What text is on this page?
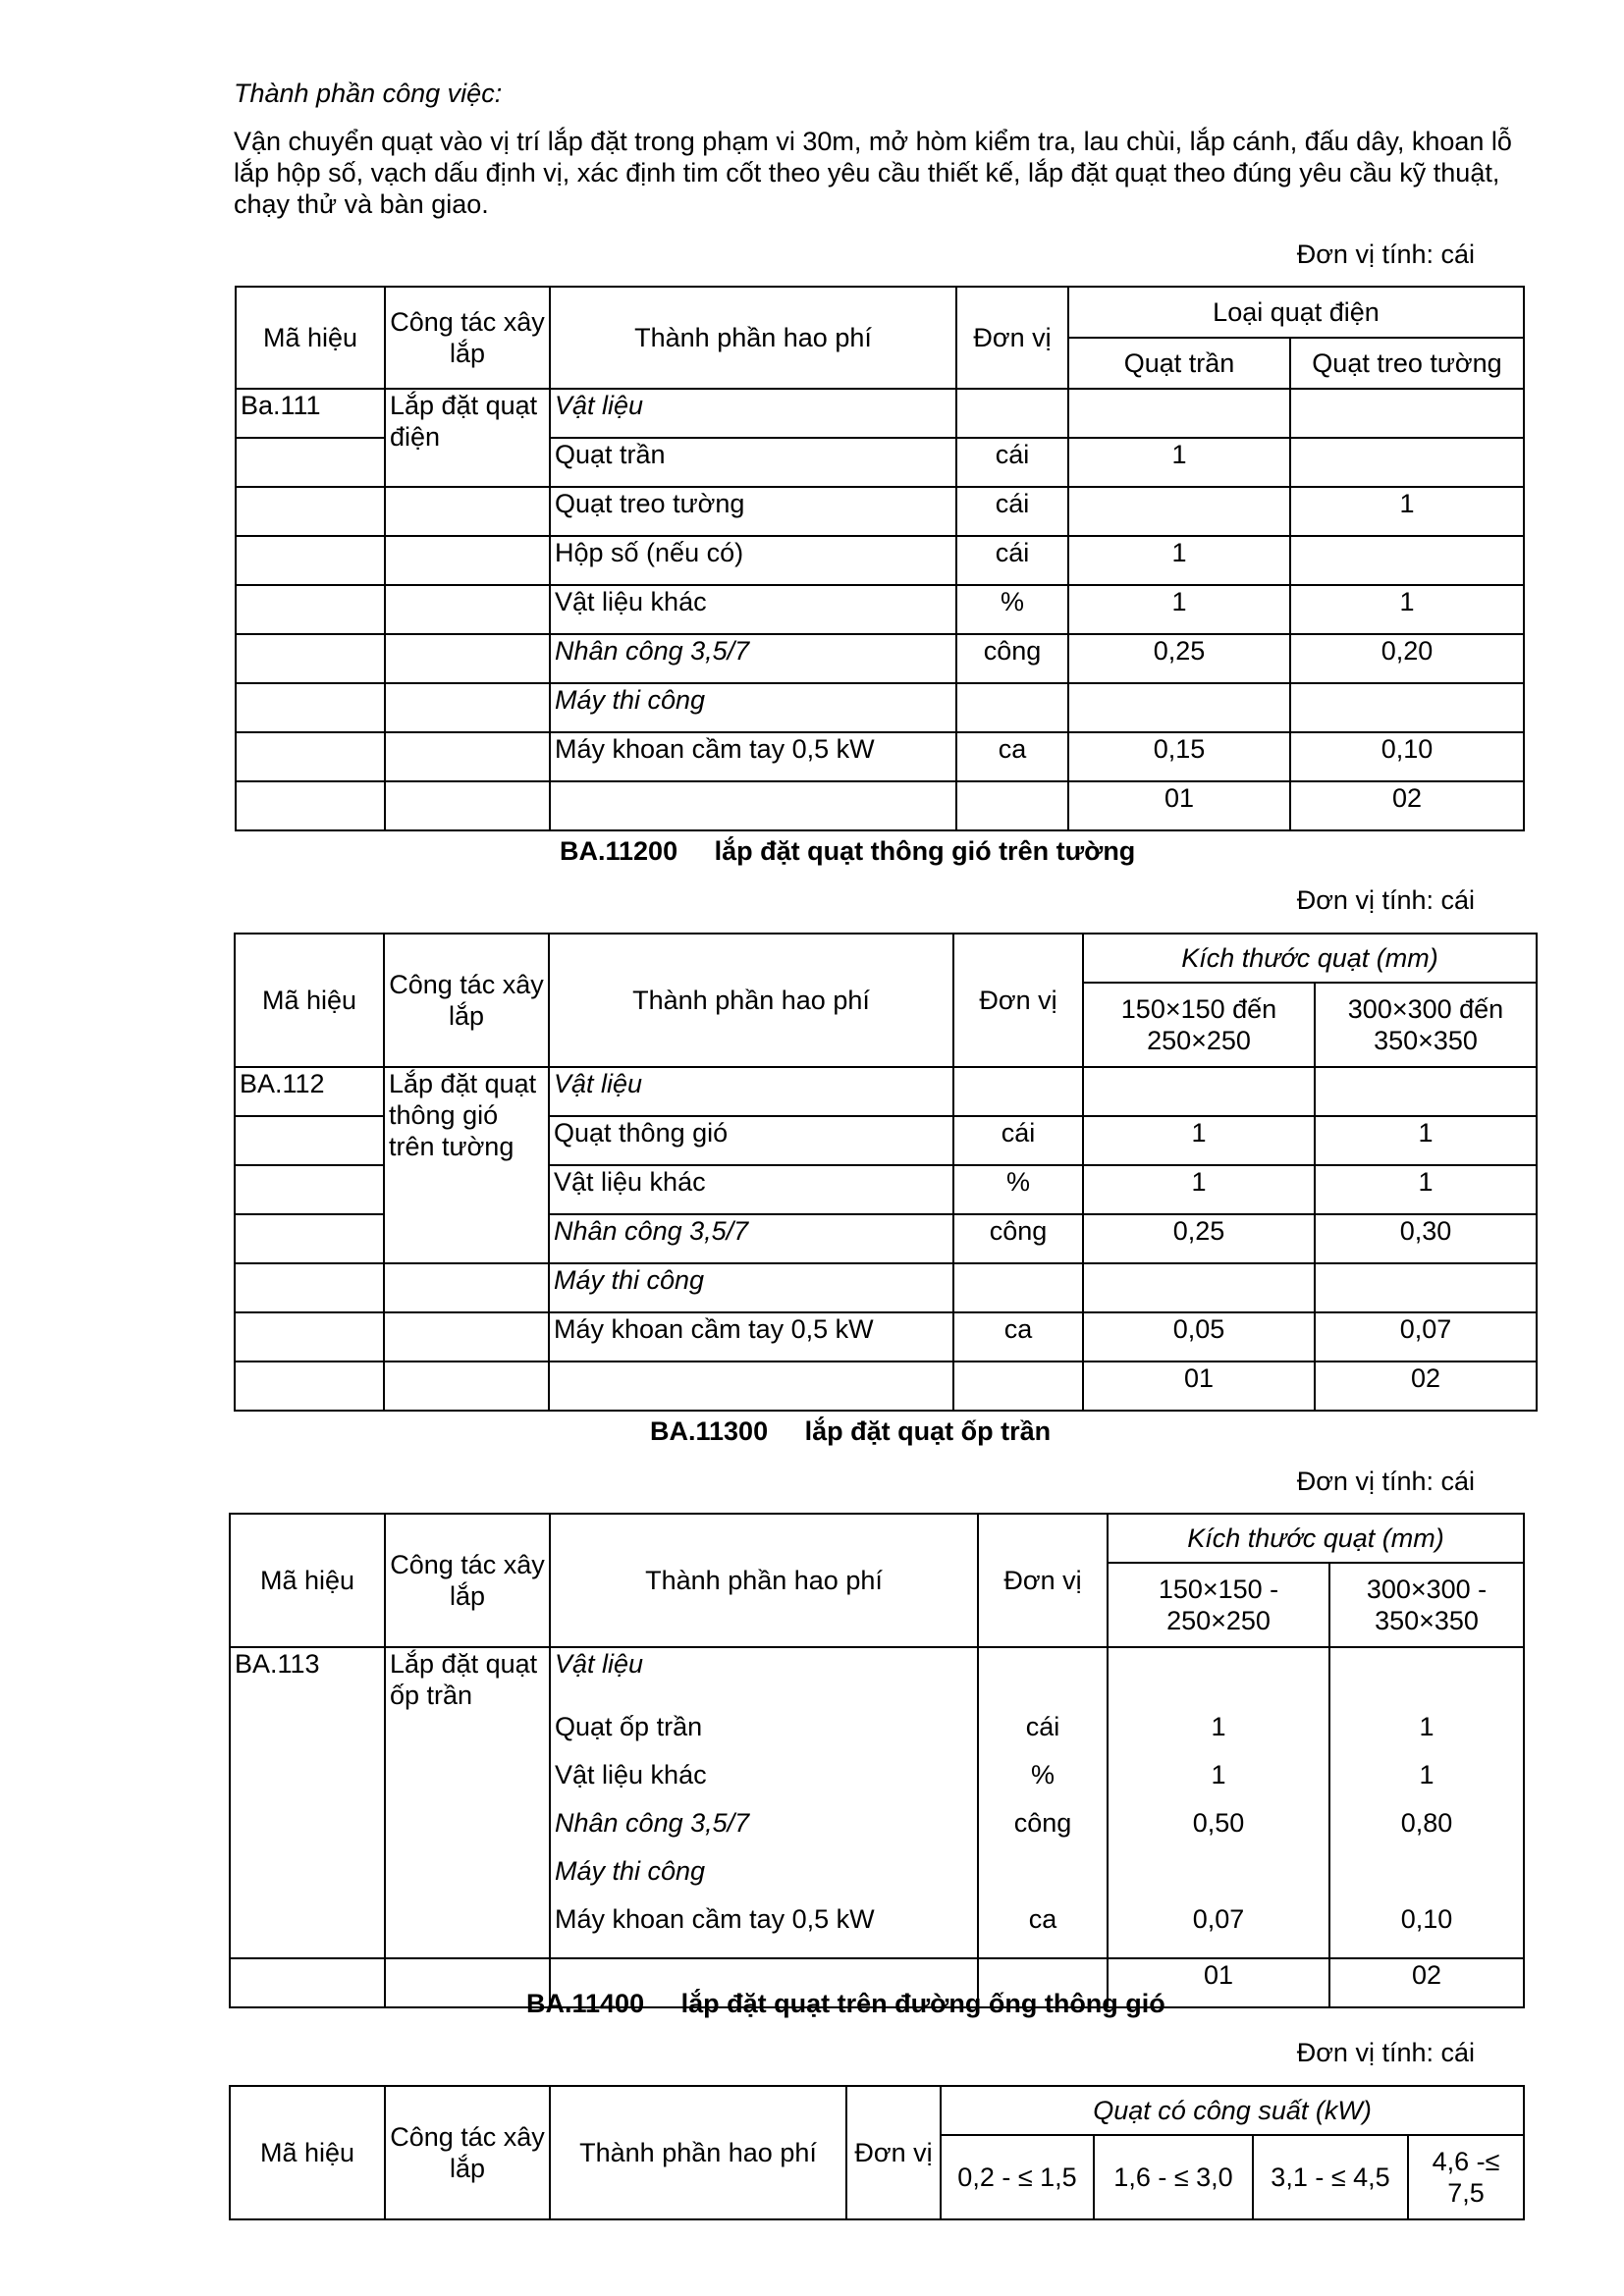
Thành phần công việc:
Vận chuyển quạt vào vị trí lắp đặt trong phạm vi 30m, mở hòm kiểm tra, lau chùi, lắp cánh, đấu dây, khoan lỗ lắp hộp số, vạch dấu định vị, xác định tim cốt theo yêu cầu thiết kế, lắp đặt quạt theo đúng yêu cầu kỹ thuật, chạy thử và bàn giao.
Đơn vị tính: cái
Mã hiệu	Công tác xây lắp	Thành phần hao phí	Đơn vị	Loại quạt điện	
				Quạt trần	Quạt treo tường
Ba.111	Lắp đặt quạt điện	Vật liệu			
		Quạt trần	cái	1	
		Quạt treo tường	cái		1
		Hộp số (nếu có)	cái	1	
		Vật liệu khác	%	1	1
		Nhân công 3,5/7	công	0,25	0,20
		Máy thi công			
		Máy khoan cầm tay 0,5 kW	ca	0,15	0,10
				01	02
BA.11200 lắp đặt quạt thông gió trên tường
Đơn vị tính: cái
Mã hiệu	Công tác xây lắp	Thành phần hao phí	Đơn vị	Kích thước quạt (mm)	
				150×150 đến 250×250	300×300 đến 350×350
BA.112	Lắp đặt quạt thông gió trên tường	Vật liệu			
		Quạt thông gió	cái	1	1
		Vật liệu khác	%	1	1
		Nhân công 3,5/7	công	0,25	0,30
		Máy thi công			
		Máy khoan cầm tay 0,5 kW	ca	0,05	0,07
				01	02
BA.11300 lắp đặt quạt ốp trần
Đơn vị tính: cái
Mã hiệu	Công tác xây lắp	Thành phần hao phí	Đơn vị	Kích thước quạt (mm)	
				150×150 - 250×250	300×300 - 350×350
BA.113	Lắp đặt quạt ốp trần	Vật liệu			
		Quạt ốp trần	cái	1	1
		Vật liệu khác	%	1	1
		Nhân công 3,5/7	công	0,50	0,80
		Máy thi công			
		Máy khoan cầm tay 0,5 kW	ca	0,07	0,10
				01	02
BA.11400 lắp đặt quạt trên đường ống thông gió
Đơn vị tính: cái
Mã hiệu	Công tác xây lắp	Thành phần hao phí	Đơn vị	Quạt có công suất (kW)			
				0,2 - ≤ 1,5	1,6 - ≤ 3,0	3,1 - ≤ 4,5	4,6 -≤ 7,5
